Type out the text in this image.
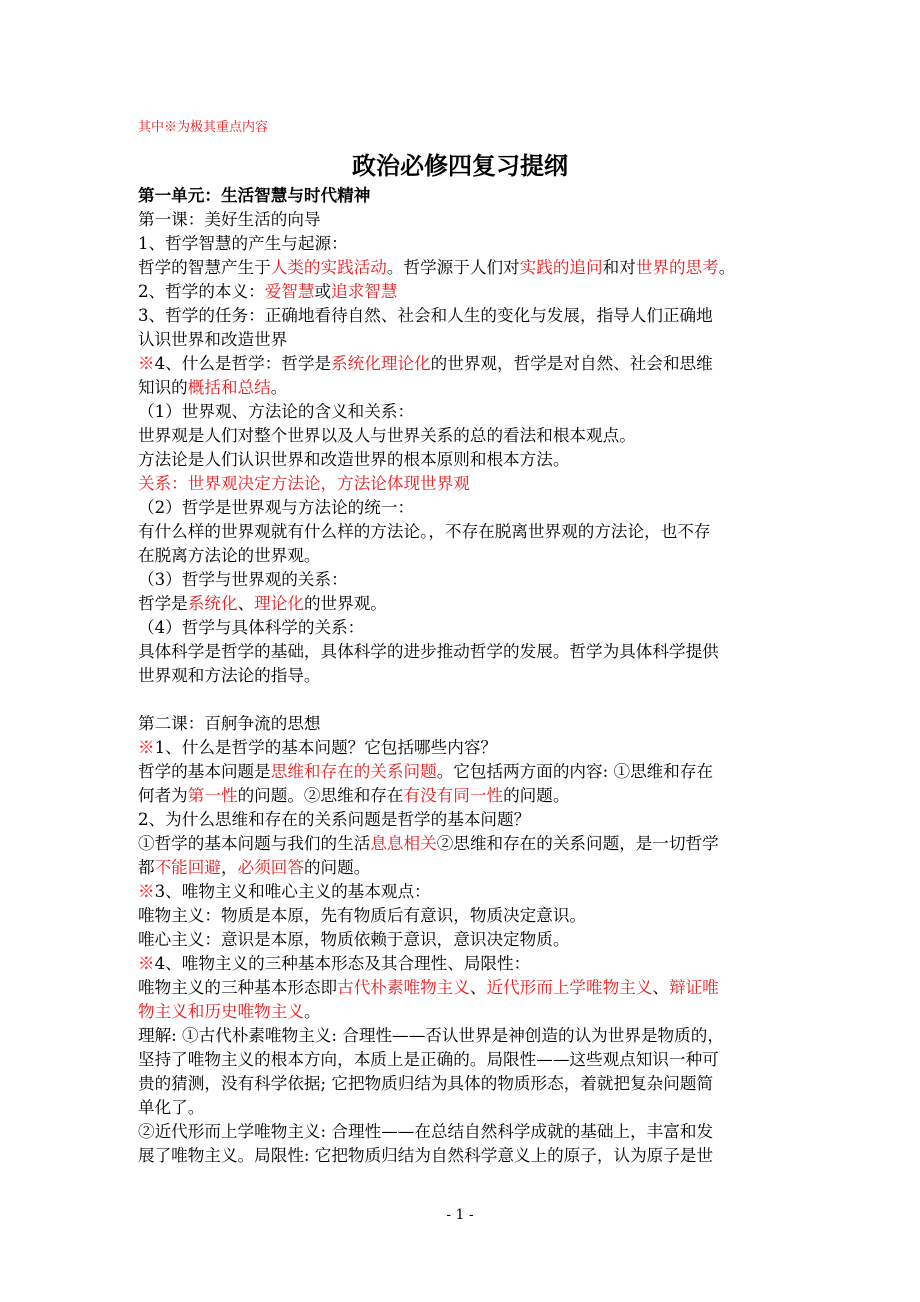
其中※为极其重点内容
政治必修四复习提纲
第一单元：生活智慧与时代精神
第一课：美好生活的向导
1、哲学智慧的产生与起源：
哲学的智慧产生于人类的实践活动。哲学源于人们对实践的追问和对世界的思考。
2、哲学的本义：爱智慧或追求智慧
3、哲学的任务：正确地看待自然、社会和人生的变化与发展，指导人们正确地
认识世界和改造世界
※4、什么是哲学：哲学是系统化理论化的世界观，哲学是对自然、社会和思维
知识的概括和总结。
（1）世界观、方法论的含义和关系：
世界观是人们对整个世界以及人与世界关系的总的看法和根本观点。
方法论是人们认识世界和改造世界的根本原则和根本方法。
关系：世界观决定方法论，方法论体现世界观
（2）哲学是世界观与方法论的统一：
有什么样的世界观就有什么样的方法论。，不存在脱离世界观的方法论，也不存
在脱离方法论的世界观。
（3）哲学与世界观的关系：
哲学是系统化、理论化的世界观。
（4）哲学与具体科学的关系：
具体科学是哲学的基础，具体科学的进步推动哲学的发展。哲学为具体科学提供
世界观和方法论的指导。
第二课：百舸争流的思想
※1、什么是哲学的基本问题？它包括哪些内容？
哲学的基本问题是思维和存在的关系问题。它包括两方面的内容: ①思维和存在
何者为第一性的问题。②思维和存在有没有同一性的问题。
2、为什么思维和存在的关系问题是哲学的基本问题？
①哲学的基本问题与我们的生活息息相关②思维和存在的关系问题，是一切哲学
都不能回避，必须回答的问题。
※3、唯物主义和唯心主义的基本观点：
唯物主义：物质是本原，先有物质后有意识，物质决定意识。
唯心主义：意识是本原，物质依赖于意识，意识决定物质。
※4、唯物主义的三种基本形态及其合理性、局限性：
唯物主义的三种基本形态即古代朴素唯物主义、近代形而上学唯物主义、辩证唯
物主义和历史唯物主义。
理解: ①古代朴素唯物主义: 合理性——否认世界是神创造的认为世界是物质的，
坚持了唯物主义的根本方向，本质上是正确的。局限性——这些观点知识一种可
贵的猜测，没有科学依据; 它把物质归结为具体的物质形态，着就把复杂问题简
单化了。
②近代形而上学唯物主义: 合理性——在总结自然科学成就的基础上，丰富和发
展了唯物主义。局限性: 它把物质归结为自然科学意义上的原子，认为原子是世
- 1 -
